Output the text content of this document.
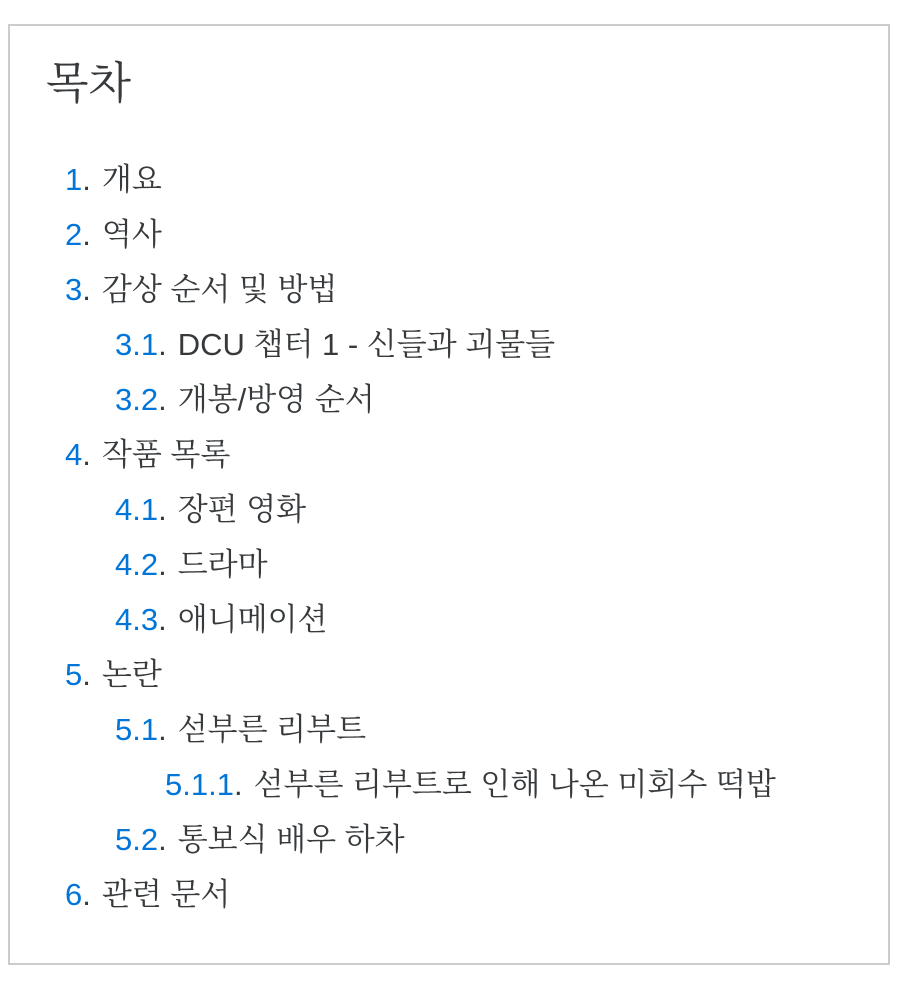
목차
1. 개요
2. 역사
3. 감상 순서 및 방법
3.1. DCU 챕터 1 - 신들과 괴물들
3.2. 개봉/방영 순서
4. 작품 목록
4.1. 장편 영화
4.2. 드라마
4.3. 애니메이션
5. 논란
5.1. 섣부른 리부트
5.1.1. 섣부른 리부트로 인해 나온 미회수 떡밥
5.2. 통보식 배우 하차
6. 관련 문서
